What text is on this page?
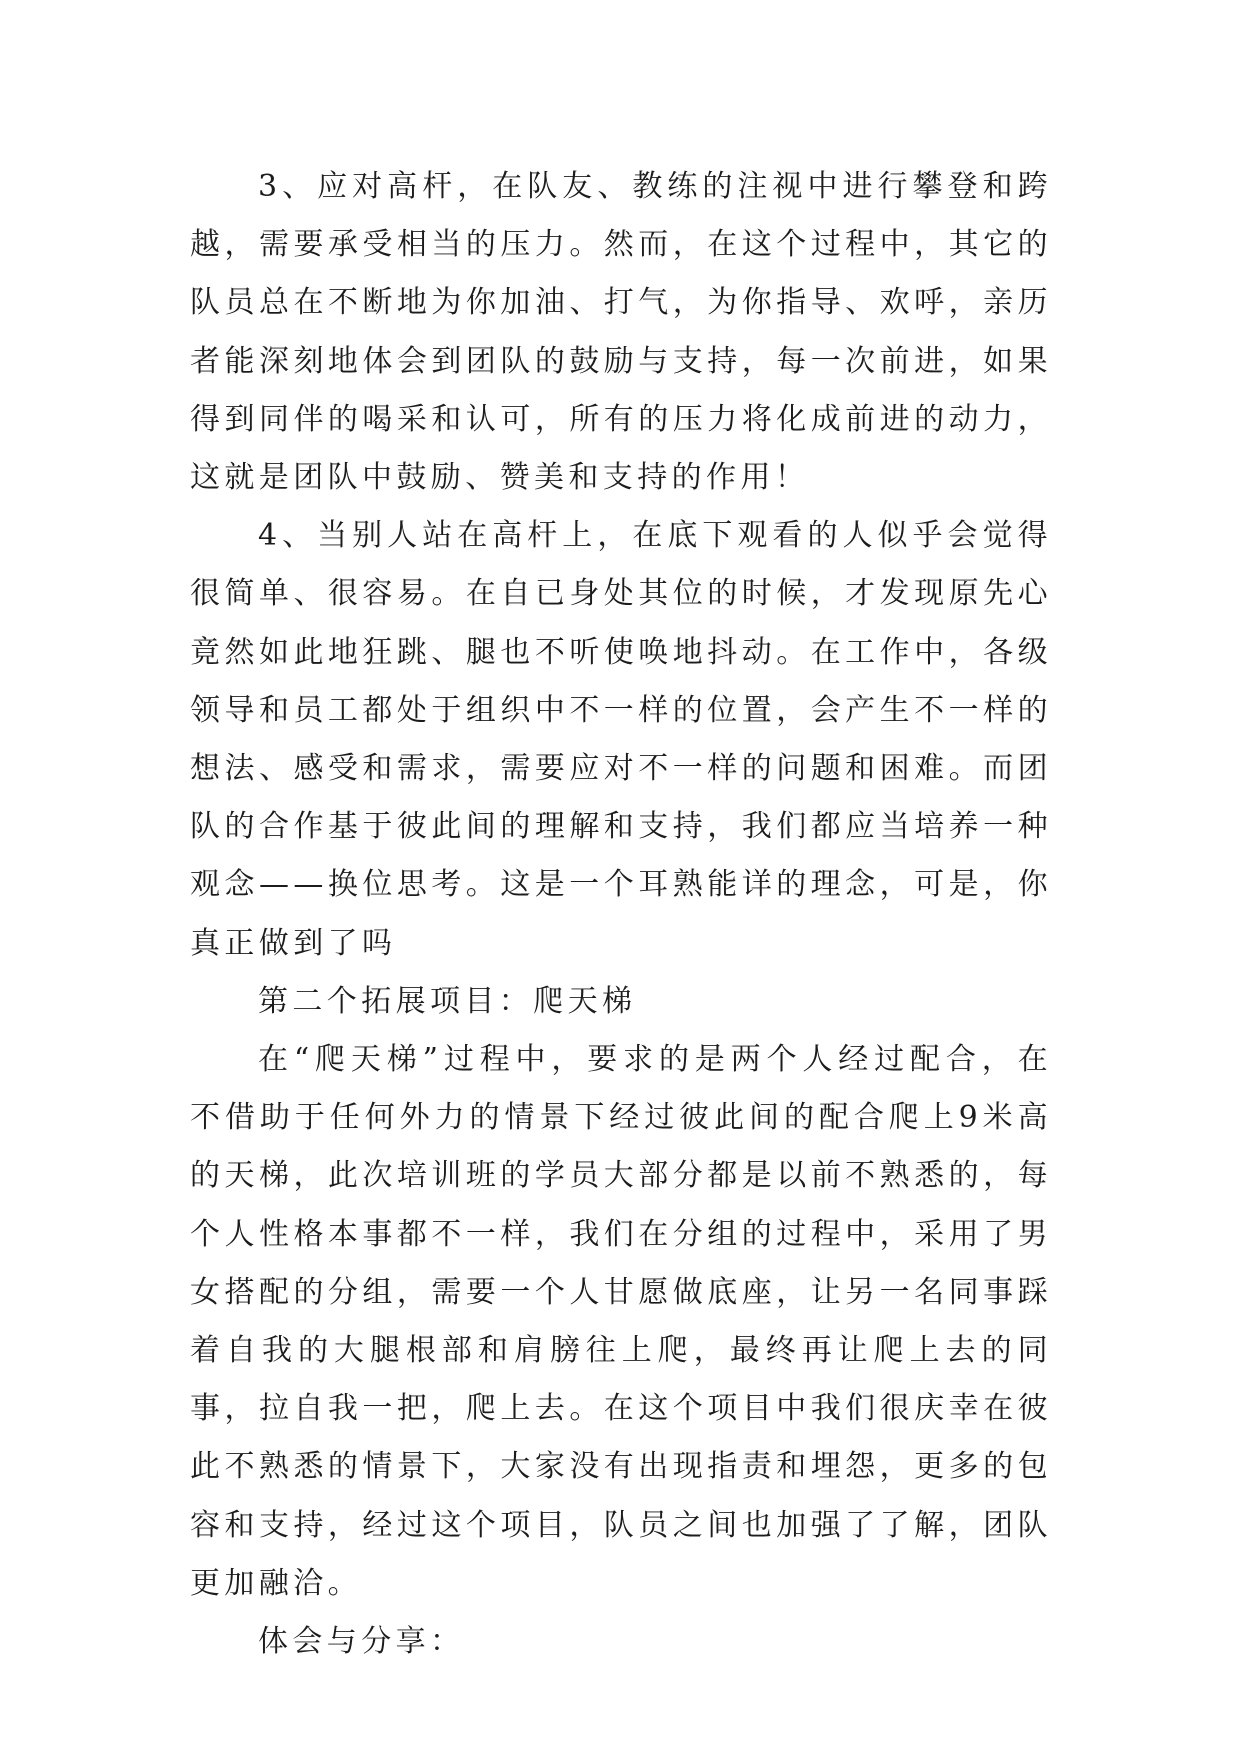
3、应对高杆，在队友、教练的注视中进行攀登和跨越，需要承受相当的压力。然而，在这个过程中，其它的队员总在不断地为你加油、打气，为你指导、欢呼，亲历者能深刻地体会到团队的鼓励与支持，每一次前进，如果得到同伴的喝采和认可，所有的压力将化成前进的动力，这就是团队中鼓励、赞美和支持的作用！

4、当别人站在高杆上，在底下观看的人似乎会觉得很简单、很容易。在自已身处其位的时候，才发现原先心竟然如此地狂跳、腿也不听使唤地抖动。在工作中，各级领导和员工都处于组织中不一样的位置，会产生不一样的想法、感受和需求，需要应对不一样的问题和困难。而团队的合作基于彼此间的理解和支持，我们都应当培养一种观念——换位思考。这是一个耳熟能详的理念，可是，你真正做到了吗

第二个拓展项目：爬天梯

在“爬天梯”过程中，要求的是两个人经过配合，在不借助于任何外力的情景下经过彼此间的配合爬上9米高的天梯，此次培训班的学员大部分都是以前不熟悉的，每个人性格本事都不一样，我们在分组的过程中，采用了男女搭配的分组，需要一个人甘愿做底座，让另一名同事踩着自我的大腿根部和肩膀往上爬，最终再让爬上去的同事，拉自我一把，爬上去。在这个项目中我们很庆幸在彼此不熟悉的情景下，大家没有出现指责和埋怨，更多的包容和支持，经过这个项目，队员之间也加强了了解，团队更加融洽。

体会与分享：
